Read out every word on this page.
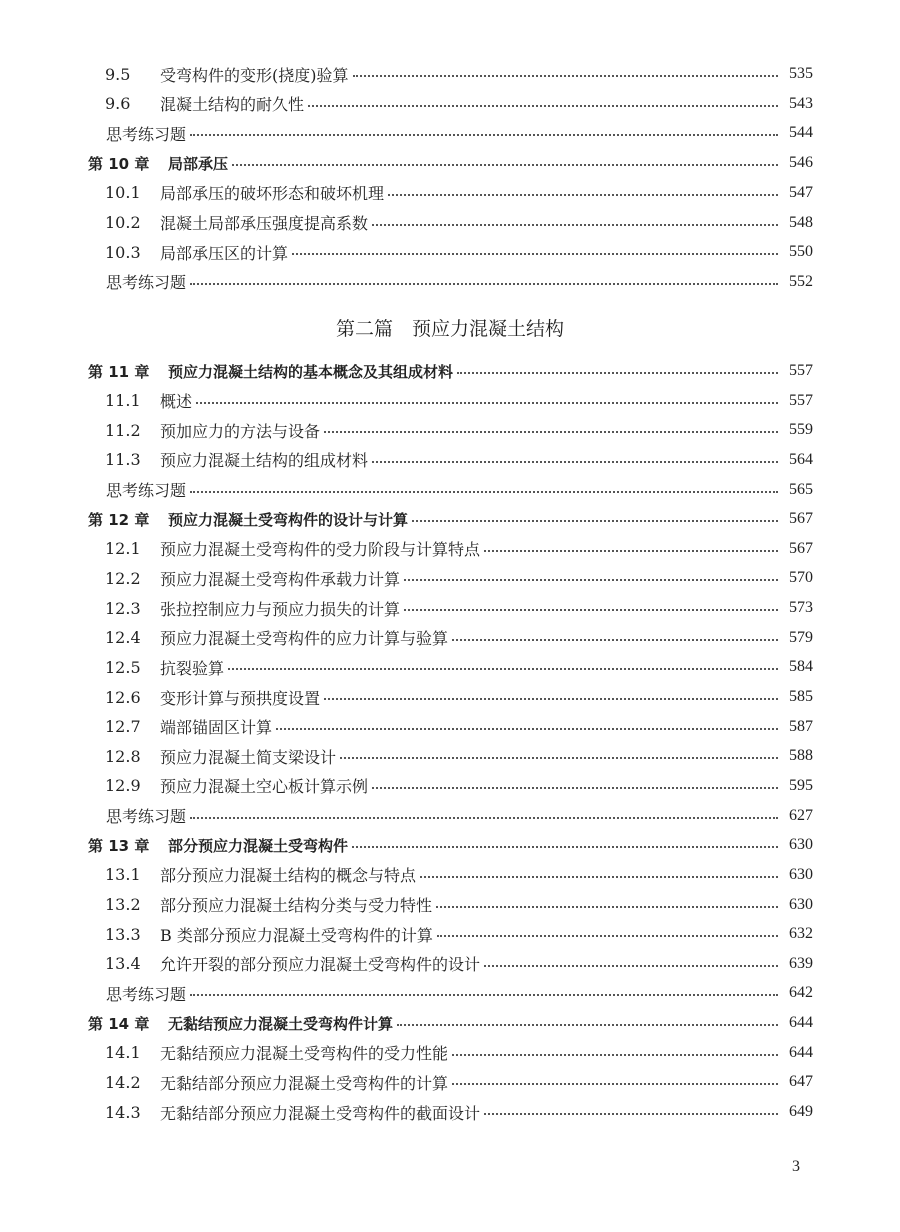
9.5 受弯构件的变形(挠度)验算	535
9.6 混凝土结构的耐久性	543
思考练习题	544
第 10 章 局部承压	546
10.1 局部承压的破坏形态和破坏机理	547
10.2 混凝土局部承压强度提高系数	548
10.3 局部承压区的计算	550
思考练习题	552
第二篇　预应力混凝土结构
第 11 章 预应力混凝土结构的基本概念及其组成材料	557
11.1 概述	557
11.2 预加应力的方法与设备	559
11.3 预应力混凝土结构的组成材料	564
思考练习题	565
第 12 章 预应力混凝土受弯构件的设计与计算	567
12.1 预应力混凝土受弯构件的受力阶段与计算特点	567
12.2 预应力混凝土受弯构件承载力计算	570
12.3 张拉控制应力与预应力损失的计算	573
12.4 预应力混凝土受弯构件的应力计算与验算	579
12.5 抗裂验算	584
12.6 变形计算与预拱度设置	585
12.7 端部锚固区计算	587
12.8 预应力混凝土简支梁设计	588
12.9 预应力混凝土空心板计算示例	595
思考练习题	627
第 13 章 部分预应力混凝土受弯构件	630
13.1 部分预应力混凝土结构的概念与特点	630
13.2 部分预应力混凝土结构分类与受力特性	630
13.3 B 类部分预应力混凝土受弯构件的计算	632
13.4 允许开裂的部分预应力混凝土受弯构件的设计	639
思考练习题	642
第 14 章 无黏结预应力混凝土受弯构件计算	644
14.1 无黏结预应力混凝土受弯构件的受力性能	644
14.2 无黏结部分预应力混凝土受弯构件的计算	647
14.3 无黏结部分预应力混凝土受弯构件的截面设计	649
3
